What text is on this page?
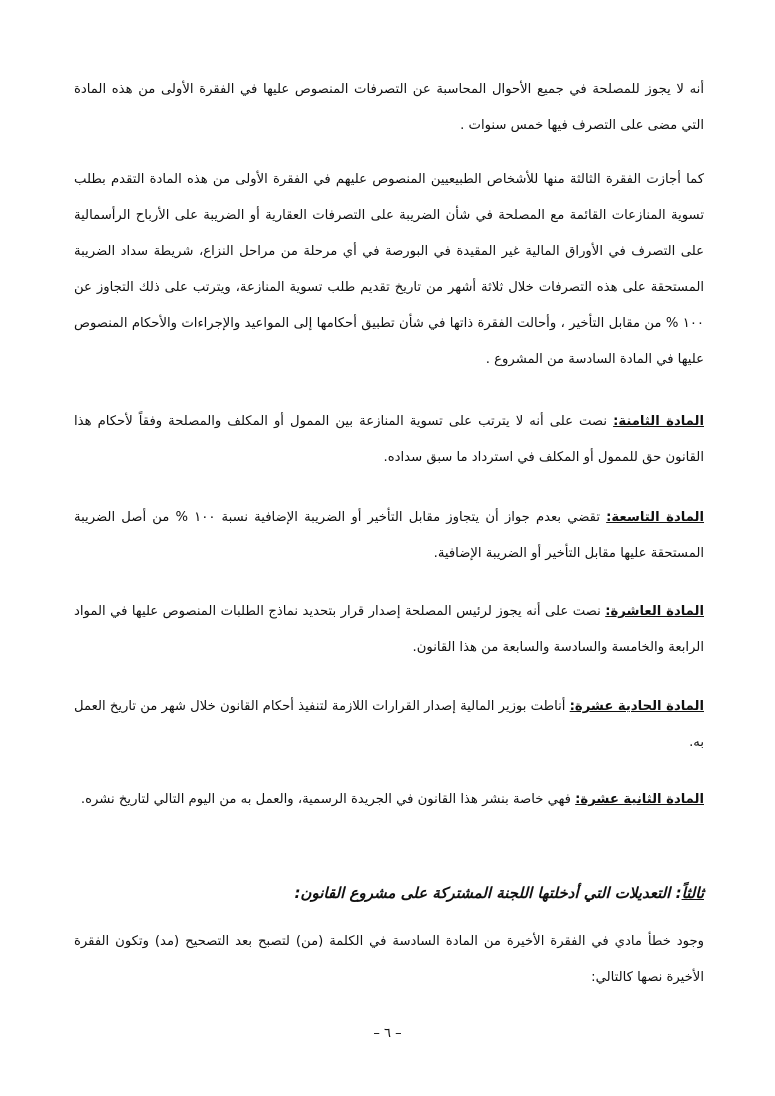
أنه لا يجوز للمصلحة في جميع الأحوال المحاسبة عن التصرفات المنصوص عليها في الفقرة الأولى من هذه المادة التي مضى على التصرف فيها خمس سنوات .

كما أجازت الفقرة الثالثة منها للأشخاص الطبيعيين المنصوص عليهم في الفقرة الأولى من هذه المادة التقدم بطلب تسوية المنازعات القائمة مع المصلحة في شأن الضريبة على التصرفات العقارية أو الضريبة على الأرباح الرأسمالية على التصرف في الأوراق المالية غير المقيدة في البورصة في أي مرحلة من مراحل النزاع، شريطة سداد الضريبة المستحقة على هذه التصرفات خلال ثلاثة أشهر من تاريخ تقديم طلب تسوية المنازعة، ويترتب على ذلك التجاوز عن ١٠٠ % من مقابل التأخير ، وأحالت الفقرة ذاتها في شأن تطبيق أحكامها إلى المواعيد والإجراءات والأحكام المنصوص عليها في المادة السادسة من المشروع .

المادة الثامنة: نصت على أنه لا يترتب على تسوية المنازعة بين الممول أو المكلف والمصلحة وفقاً لأحكام هذا القانون حق للممول أو المكلف في استرداد ما سبق سداده.

المادة التاسعة: تقضي بعدم جواز أن يتجاوز مقابل التأخير أو الضريبة الإضافية نسبة ١٠٠ % من أصل الضريبة المستحقة عليها مقابل التأخير أو الضريبة الإضافية.

المادة العاشرة: نصت على أنه يجوز لرئيس المصلحة إصدار قرار بتحديد نماذج الطلبات المنصوص عليها في المواد الرابعة والخامسة والسادسة والسابعة من هذا القانون.

المادة الحادية عشرة: أناطت بوزير المالية إصدار القرارات اللازمة لتنفيذ أحكام القانون خلال شهر من تاريخ العمل به.

المادة الثانية عشرة: فهي خاصة بنشر هذا القانون في الجريدة الرسمية، والعمل به من اليوم التالي لتاريخ نشره.

ثالثاً: التعديلات التي أدخلتها اللجنة المشتركة على مشروع القانون:

وجود خطأ مادي في الفقرة الأخيرة من المادة السادسة في الكلمة (من) لتصبح بعد التصحيح (مد) وتكون الفقرة الأخيرة نصها كالتالي:

– ٦ –
